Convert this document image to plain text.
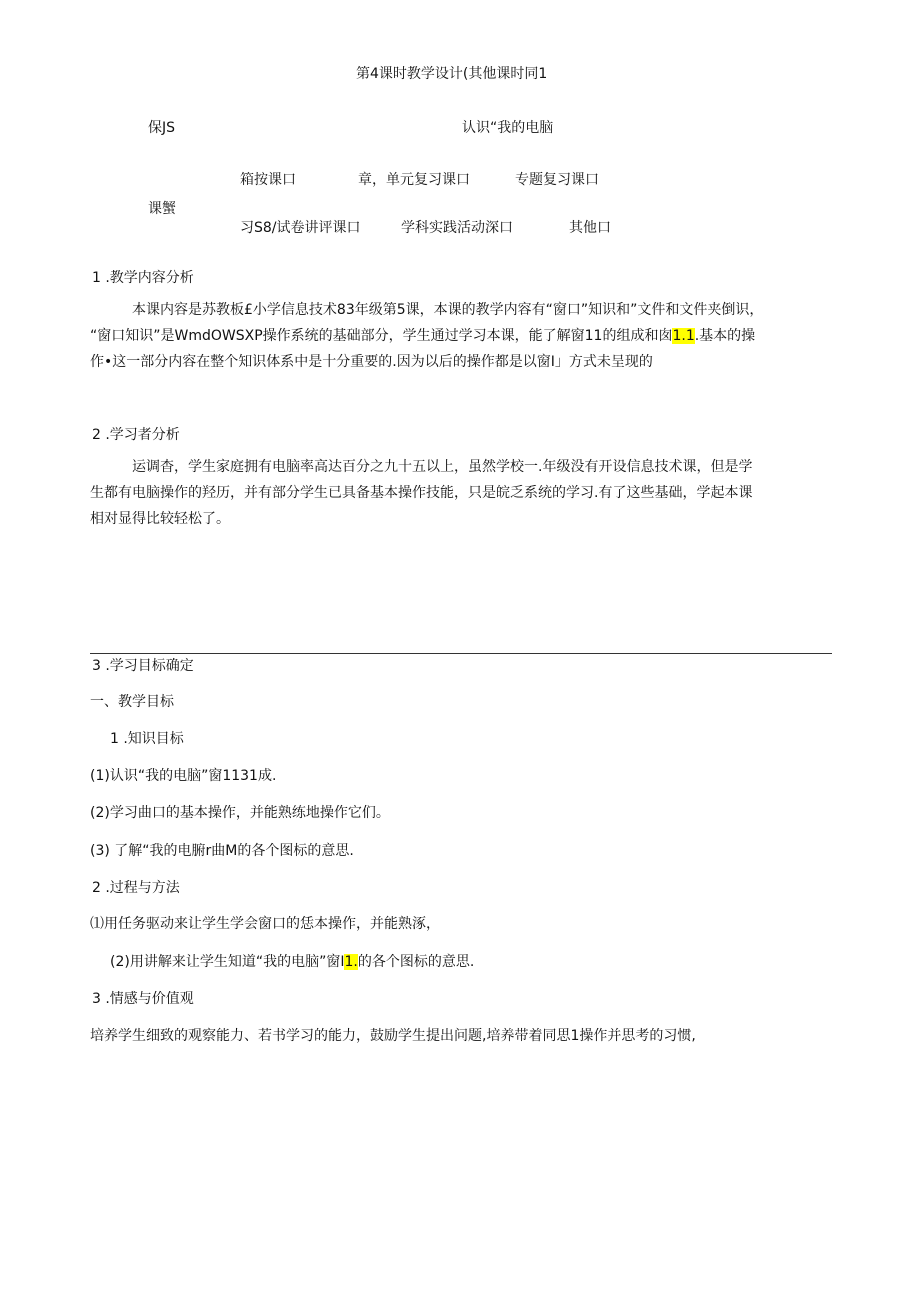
第4课时教学设计(其他课时同1
保JS	认识“我的电脑
箱按课口	章，单元复习课口	专题复习课口
课蟹
习S8/试卷讲评课口	学科实践活动深口	其他口
1 .教学内容分析

本课内容是苏教板£小学信息技术83年级第5课，本课的教学内容有“窗口”知识和”文件和文件夹倒识，

“窗口知识”是WmdOWSXP操作系统的基础部分，学生通过学习本课，能了解窗11的组成和囱1.1.基本的操

作•这一部分内容在整个知识体系中是十分重要的.因为以后的操作都是以窗I」方式未呈现的

2 .学习者分析

运调杳，学生家庭拥有电脑率高达百分之九十五以上，虽然学校一.年级没有开设信息技术课，但是学

生都有电脑操作的羟历，并有部分学生已具备基本操作技能，只是皖乏系统的学习.有了这些基础，学起本课

相对显得比较轻松了。

3 .学习目标确定
一、教学目标
1 .知识目标
(1)认识“我的电脑”窗1131成.
(2)学习曲口的基本操作，并能熟练地操作它们。
(3) 了解“我的电腑r曲M的各个图标的意思.
2 .过程与方法
⑴用任务驱动来让学生学会窗口的恁本操作，并能熟涿，
(2)用讲解来让学生知道“我的电脑”窗I1.的各个图标的意思.
3 .情感与价值观
培养学生细致的观察能力、若书学习的能力，鼓励学生提出问题,培养带着同思1操作并思考的习惯,
